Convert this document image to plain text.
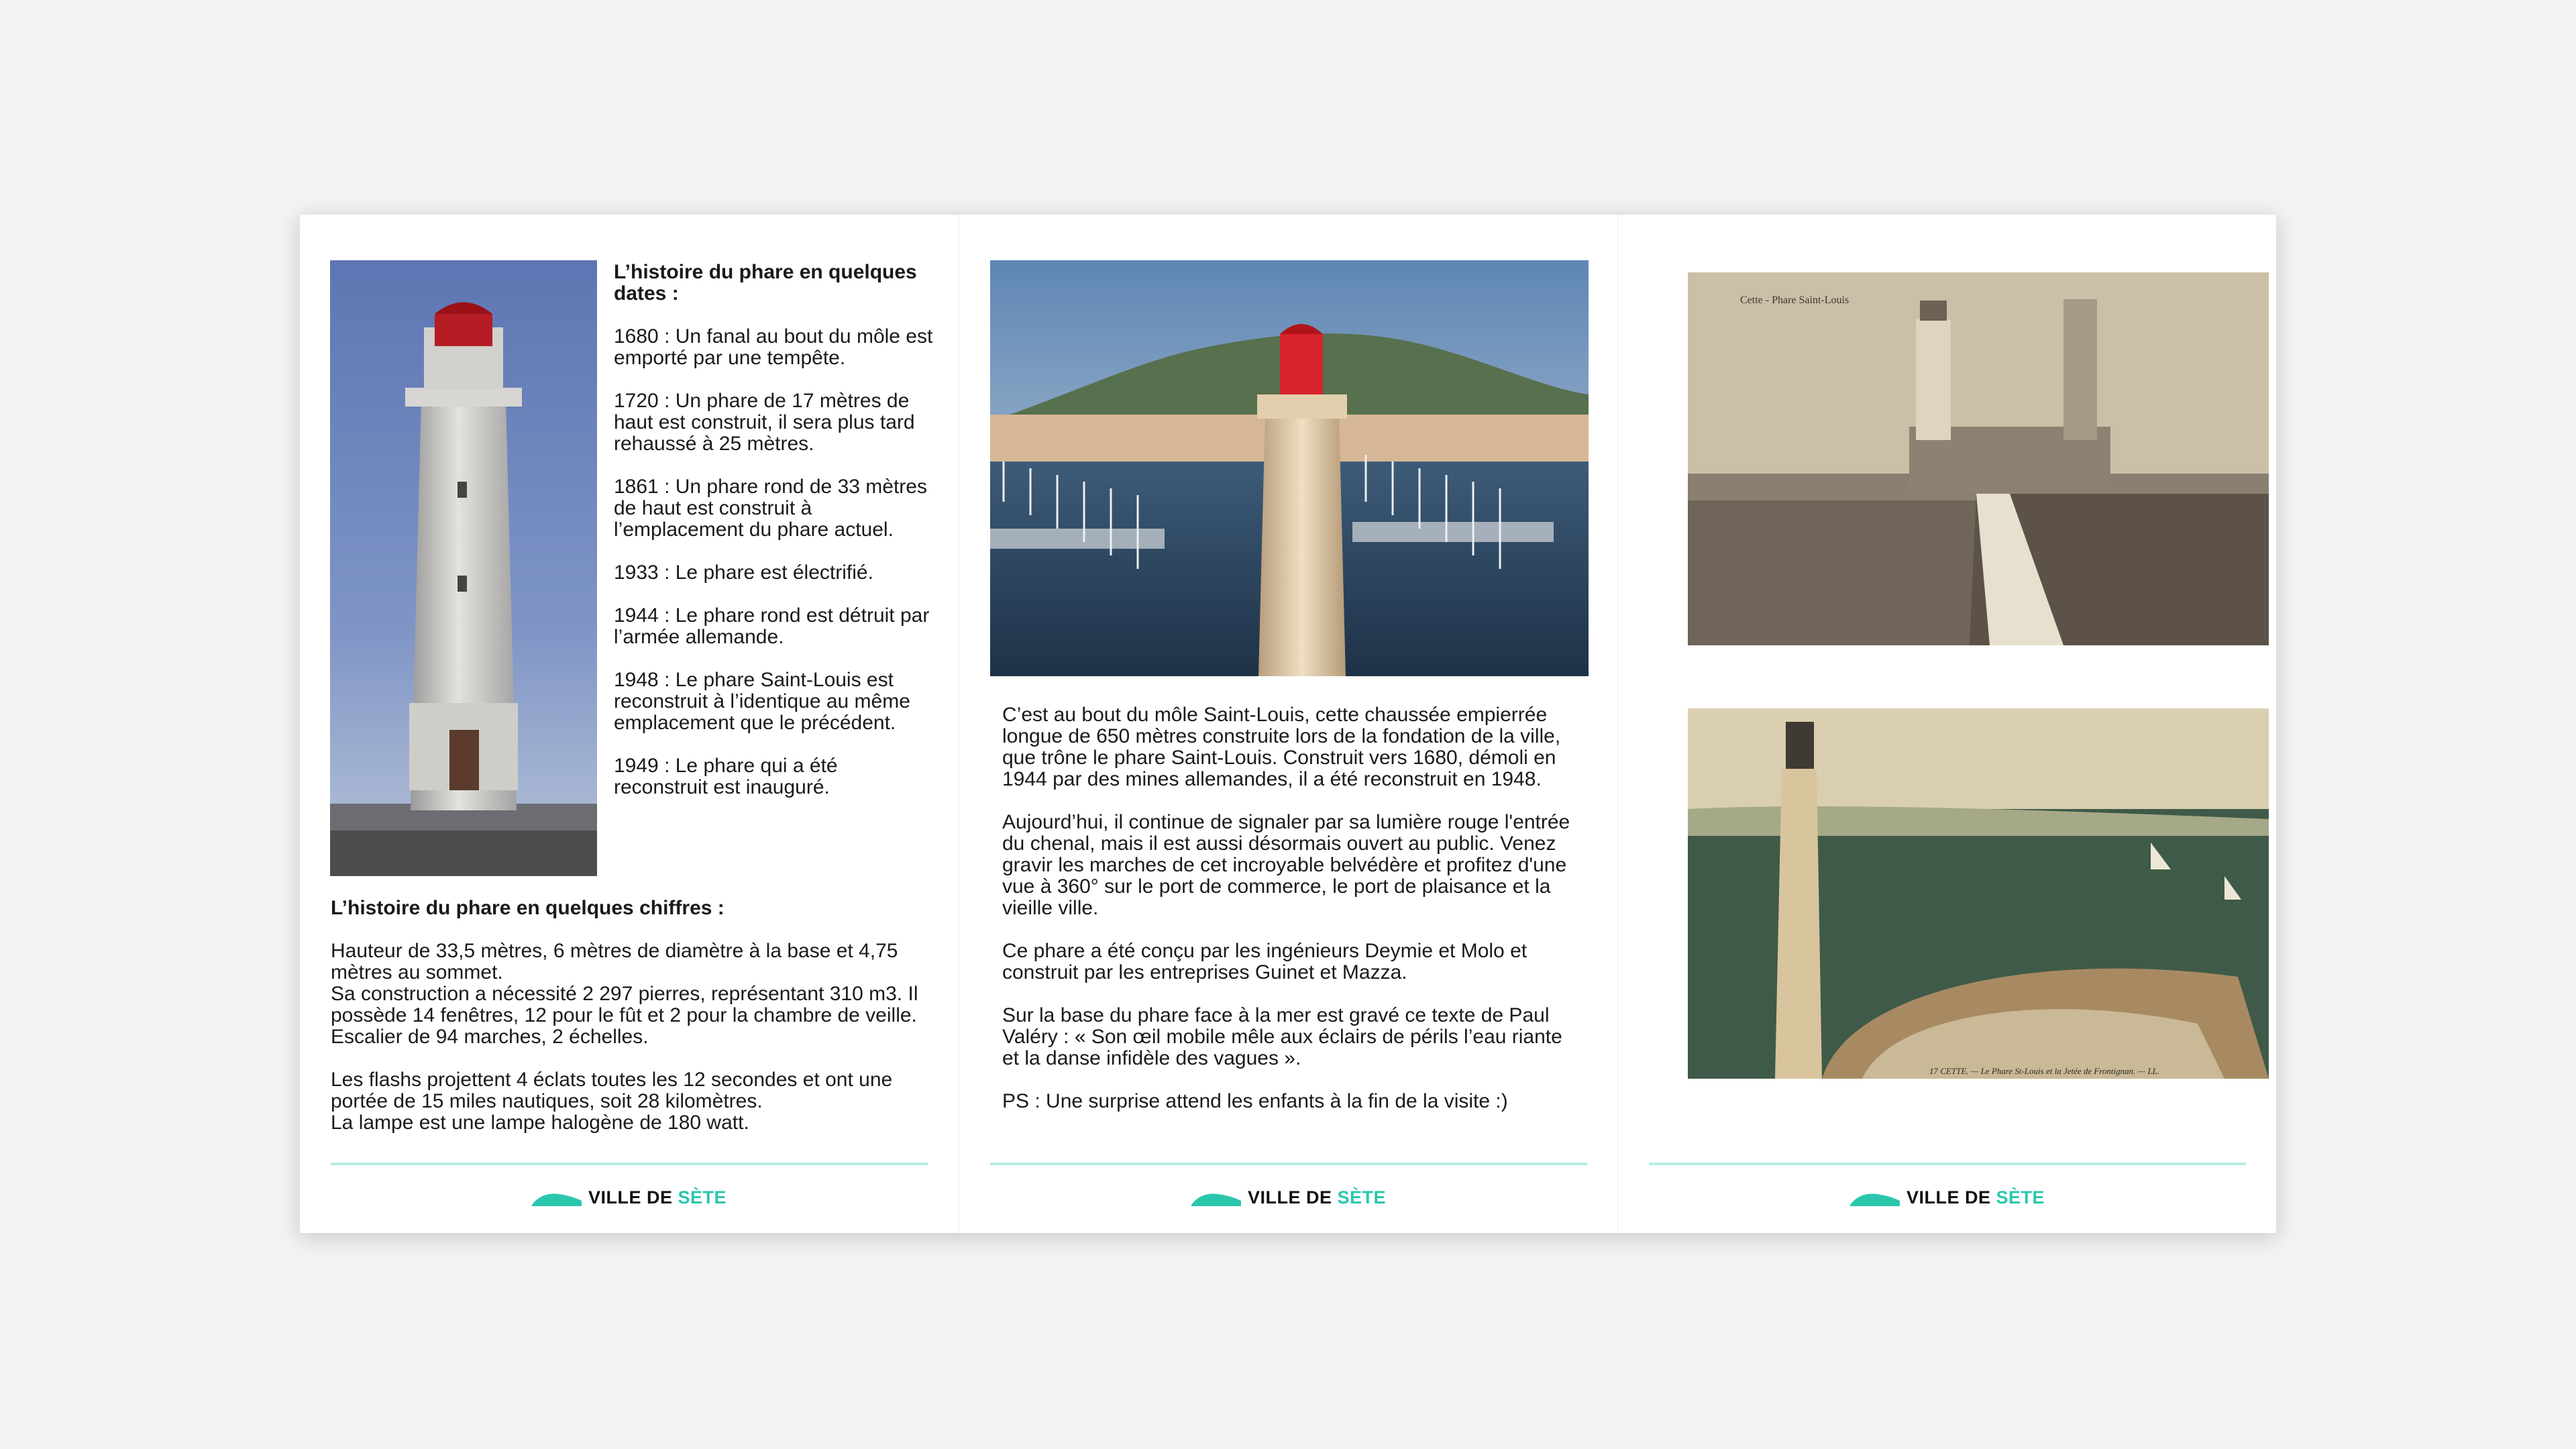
L’histoire du phare en quelques dates :

1680 : Un fanal au bout du môle est emporté par une tempête.

1720 : Un phare de 17 mètres de haut est construit, il sera plus tard rehaussé à 25 mètres.

1861 : Un phare rond de 33 mètres de haut est construit à l’emplacement du phare actuel.

1933 : Le phare est électrifié.

1944 : Le phare rond est détruit par l’armée allemande.

1948 : Le phare Saint-Louis est reconstruit à l’identique au même emplacement que le précédent.

1949 : Le phare qui a été reconstruit est inauguré.

L’histoire du phare en quelques chiffres :

Hauteur de 33,5 mètres, 6 mètres de diamètre à la base et 4,75 mètres au sommet.
Sa construction a nécessité 2 297 pierres, représentant 310 m3. Il possède 14 fenêtres, 12 pour le fût et 2 pour la chambre de veille. Escalier de 94 marches, 2 échelles.
Les flashs projettent 4 éclats toutes les 12 secondes et ont une portée de 15 miles nautiques, soit 28 kilomètres.
La lampe est une lampe halogène de 180 watt.
VILLE DE SÈTE

C’est au bout du môle Saint-Louis, cette chaussée empierrée longue de 650 mètres construite lors de la fondation de la ville, que trône le phare Saint-Louis. Construit vers 1680, démoli en 1944 par des mines allemandes, il a été reconstruit en 1948.

Aujourd’hui, il continue de signaler par sa lumière rouge l'entrée du chenal, mais il est aussi désormais ouvert au public. Venez gravir les marches de cet incroyable belvédère et profitez d'une vue à 360° sur le port de commerce, le port de plaisance et la vieille ville.

Ce phare a été conçu par les ingénieurs Deymie et Molo et construit par les entreprises Guinet et Mazza.

Sur la base du phare face à la mer est gravé ce texte de Paul Valéry : « Son œil mobile mêle aux éclairs de périls l’eau riante et la danse infidèle des vagues ».

PS : Une surprise attend les enfants à la fin de la visite :)

VILLE DE SÈTE
Cette - Phare Saint-Louis
17 CETTE. — Le Phare St-Louis et la Jetée de Frontignan. — LL.
VILLE DE SÈTE
